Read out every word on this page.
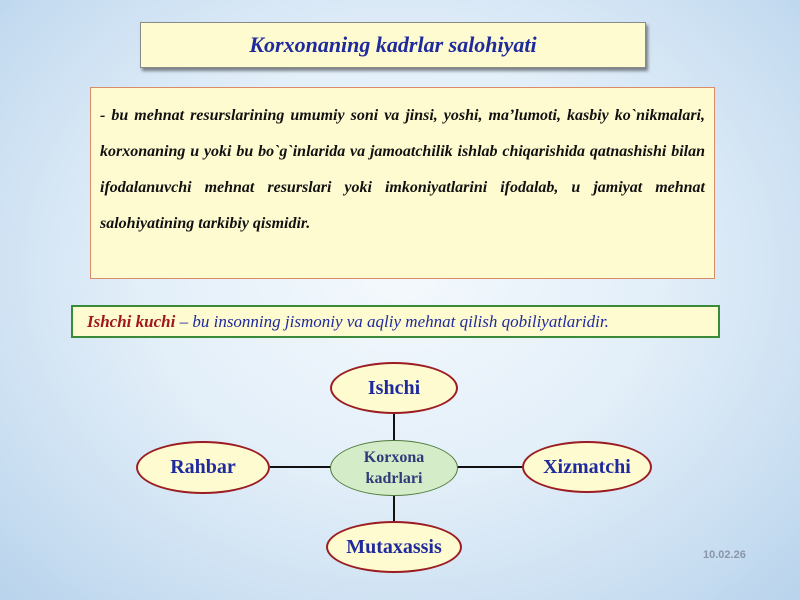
Korxonaning kadrlar salohiyati
- bu mehnat resurslarining umumiy soni va jinsi, yoshi, ma’lumoti, kasbiy ko`nikmalari, korxonaning u yoki bu bo`g`inlarida va jamoatchilik ishlab chiqarishida qatnashishi bilan ifodalanuvchi mehnat resurslari yoki imkoniyatlarini ifodalab, u jamiyat mehnat salohiyatining tarkibiy qismidir.
Ishchi kuchi – bu insonning jismoniy va aqliy mehnat qilish qobiliyatlaridir.
Ishchi
Rahbar	Xizmatchi
Mutaxassis
Korxona
kadrlari
10.02.26
